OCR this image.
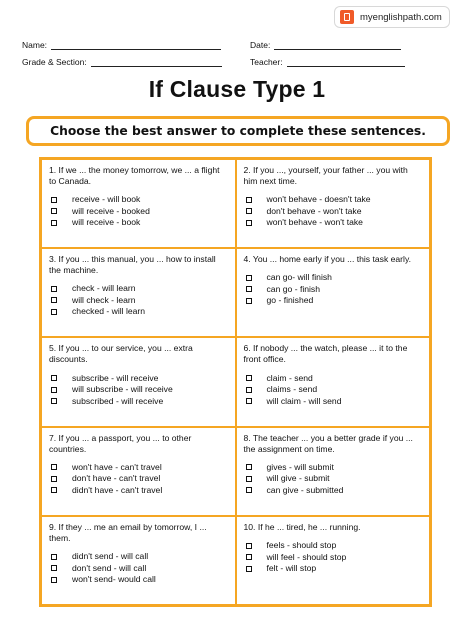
myenglishpath.com
Name:	Date:
Grade & Section:	Teacher:
If Clause Type 1
Choose the best answer to complete these sentences.
1. If we ... the money tomorrow, we ... a flight to Canada.
receive - will book
will receive - booked
will receive - book
2. If you ..., yourself, your father ... you with him next time.
won't behave - doesn't take
don't behave - won't take
won't behave - won't take
3. If you ... this manual, you ... how to install the machine.
check - will learn
will check - learn
checked - will learn
4. You ... home early if you ... this task early.
can go- will finish
can go - finish
go - finished
5. If you ... to our service, you ... extra discounts.
subscribe - will receive
will subscribe - will receive
subscribed - will receive
6. If nobody ... the watch, please ... it to the front office.
claim - send
claims - send
will claim - will send
7. If you ... a passport, you ... to other countries.
won't have - can't travel
don't have - can't travel
didn't have - can't travel
8. The teacher ... you a better grade if you ... the assignment on time.
gives - will submit
will give - submit
can give - submitted
9. If they ... me an email by tomorrow, I ... them.
didn't send - will call
don't send - will call
won't send- would call
10. If he ... tired, he ... running.
feels - should stop
will feel - should stop
felt - will stop
